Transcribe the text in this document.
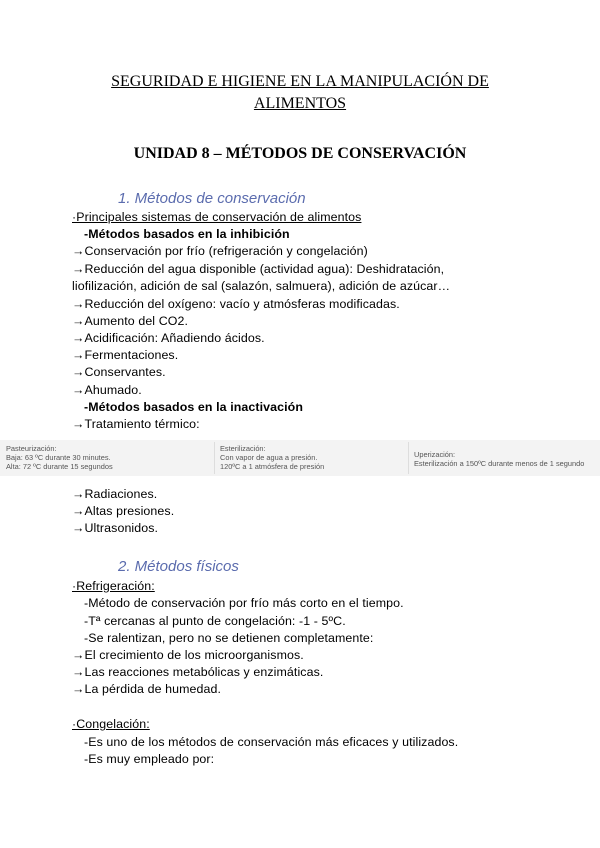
SEGURIDAD E HIGIENE EN LA MANIPULACIÓN DE
ALIMENTOS
UNIDAD 8 – MÉTODOS DE CONSERVACIÓN
1. Métodos de conservación
·Principales sistemas de conservación de alimentos
-Métodos basados en la inhibición
→Conservación por frío (refrigeración y congelación)
→Reducción del agua disponible (actividad agua): Deshidratación,
liofilización, adición de sal (salazón, salmuera), adición de azúcar…
→Reducción del oxígeno: vacío y atmósferas modificadas.
→Aumento del CO2.
→Acidificación: Añadiendo ácidos.
→Fermentaciones.
→Conservantes.
→Ahumado.
-Métodos basados en la inactivación
→Tratamiento térmico:
Pasteurización:
Baja: 63 ºC durante 30 minutes.
Alta: 72 ºC durante 15 segundos
Esterilización:
Con vapor de agua a presión.
120ºC a 1 atmósfera de presión
Uperización:
Esterilización a 150ºC durante menos de 1 segundo
→Radiaciones.
→Altas presiones.
→Ultrasonidos.
2. Métodos físicos
·Refrigeración:
-Método de conservación por frío más corto en el tiempo.
-Tª cercanas al punto de congelación: -1 - 5ºC.
-Se ralentizan, pero no se detienen completamente:
→El crecimiento de los microorganismos.
→Las reacciones metabólicas y enzimáticas.
→La pérdida de humedad.
·Congelación:
-Es uno de los métodos de conservación más eficaces y utilizados.
-Es muy empleado por:
